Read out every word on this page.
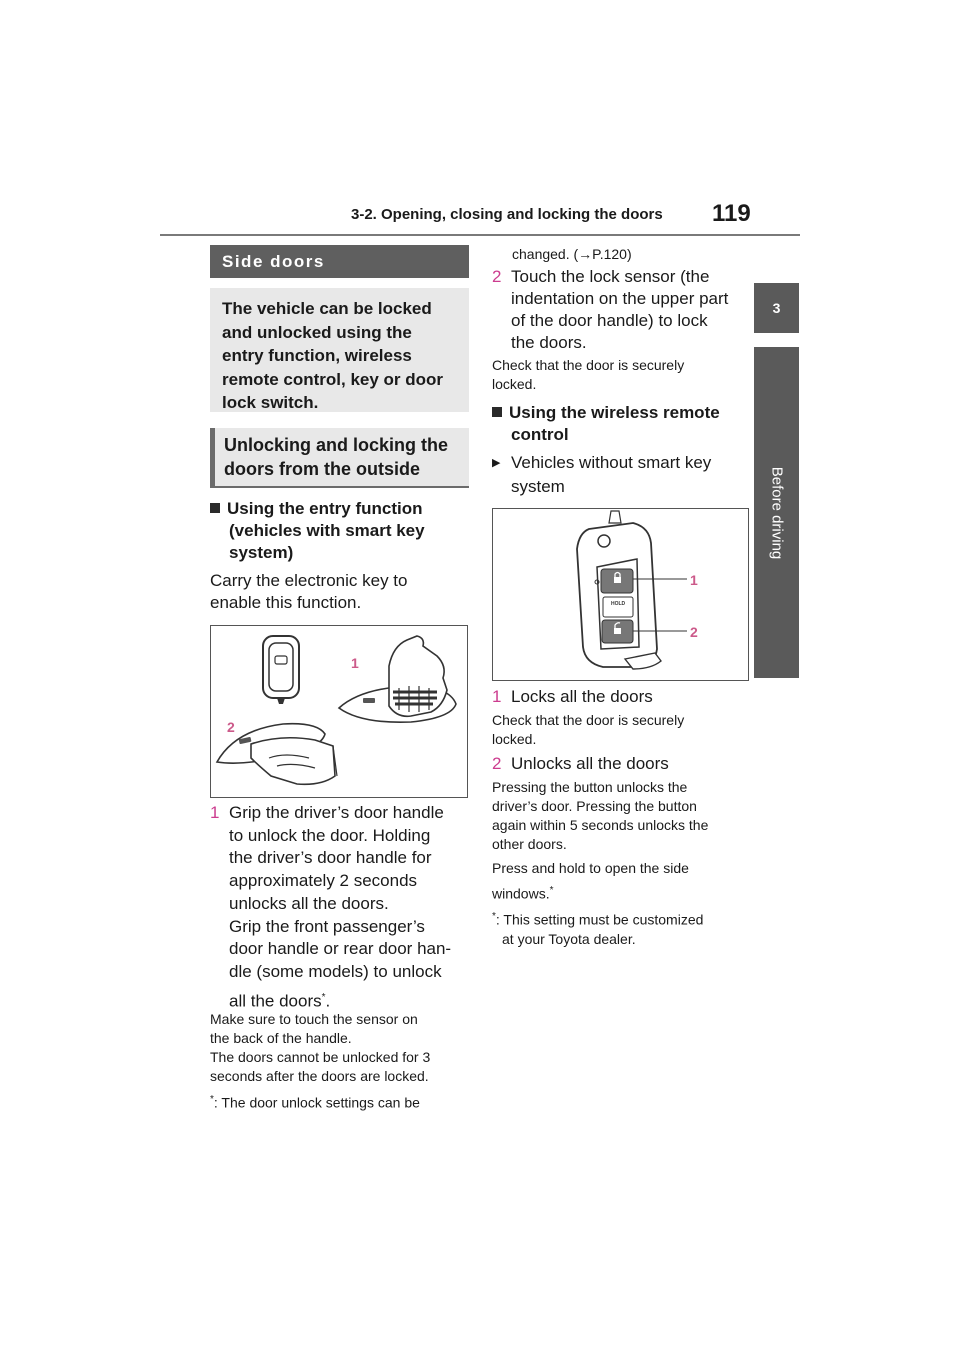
3-2. Opening, closing and locking the doors	119
3
Before driving
Side doors
The vehicle can be locked
and unlocked using the
entry function, wireless
remote control, key or door
lock switch.
Unlocking and locking the
doors from the outside
Using the entry function
(vehicles with smart key
system)
Carry the electronic key to
enable this function.
1
2
1 Grip the driver’s door handle
to unlock the door. Holding
the driver’s door handle for
approximately 2 seconds
unlocks all the doors.
Grip the front passenger’s
door handle or rear door han-
dle (some models) to unlock
all the doors*.
Make sure to touch the sensor on
the back of the handle.
The doors cannot be unlocked for 3
seconds after the doors are locked.
*: The door unlock settings can be
changed. (→P.120)
2 Touch the lock sensor (the
indentation on the upper part
of the door handle) to lock
the doors.
Check that the door is securely
locked.
Using the wireless remote
control
▶ Vehicles without smart key
system
HOLD
1
2
1 Locks all the doors
Check that the door is securely
locked.
2 Unlocks all the doors
Pressing the button unlocks the
driver’s door. Pressing the button
again within 5 seconds unlocks the
other doors.
Press and hold to open the side
windows.*
*: This setting must be customized
at your Toyota dealer.
